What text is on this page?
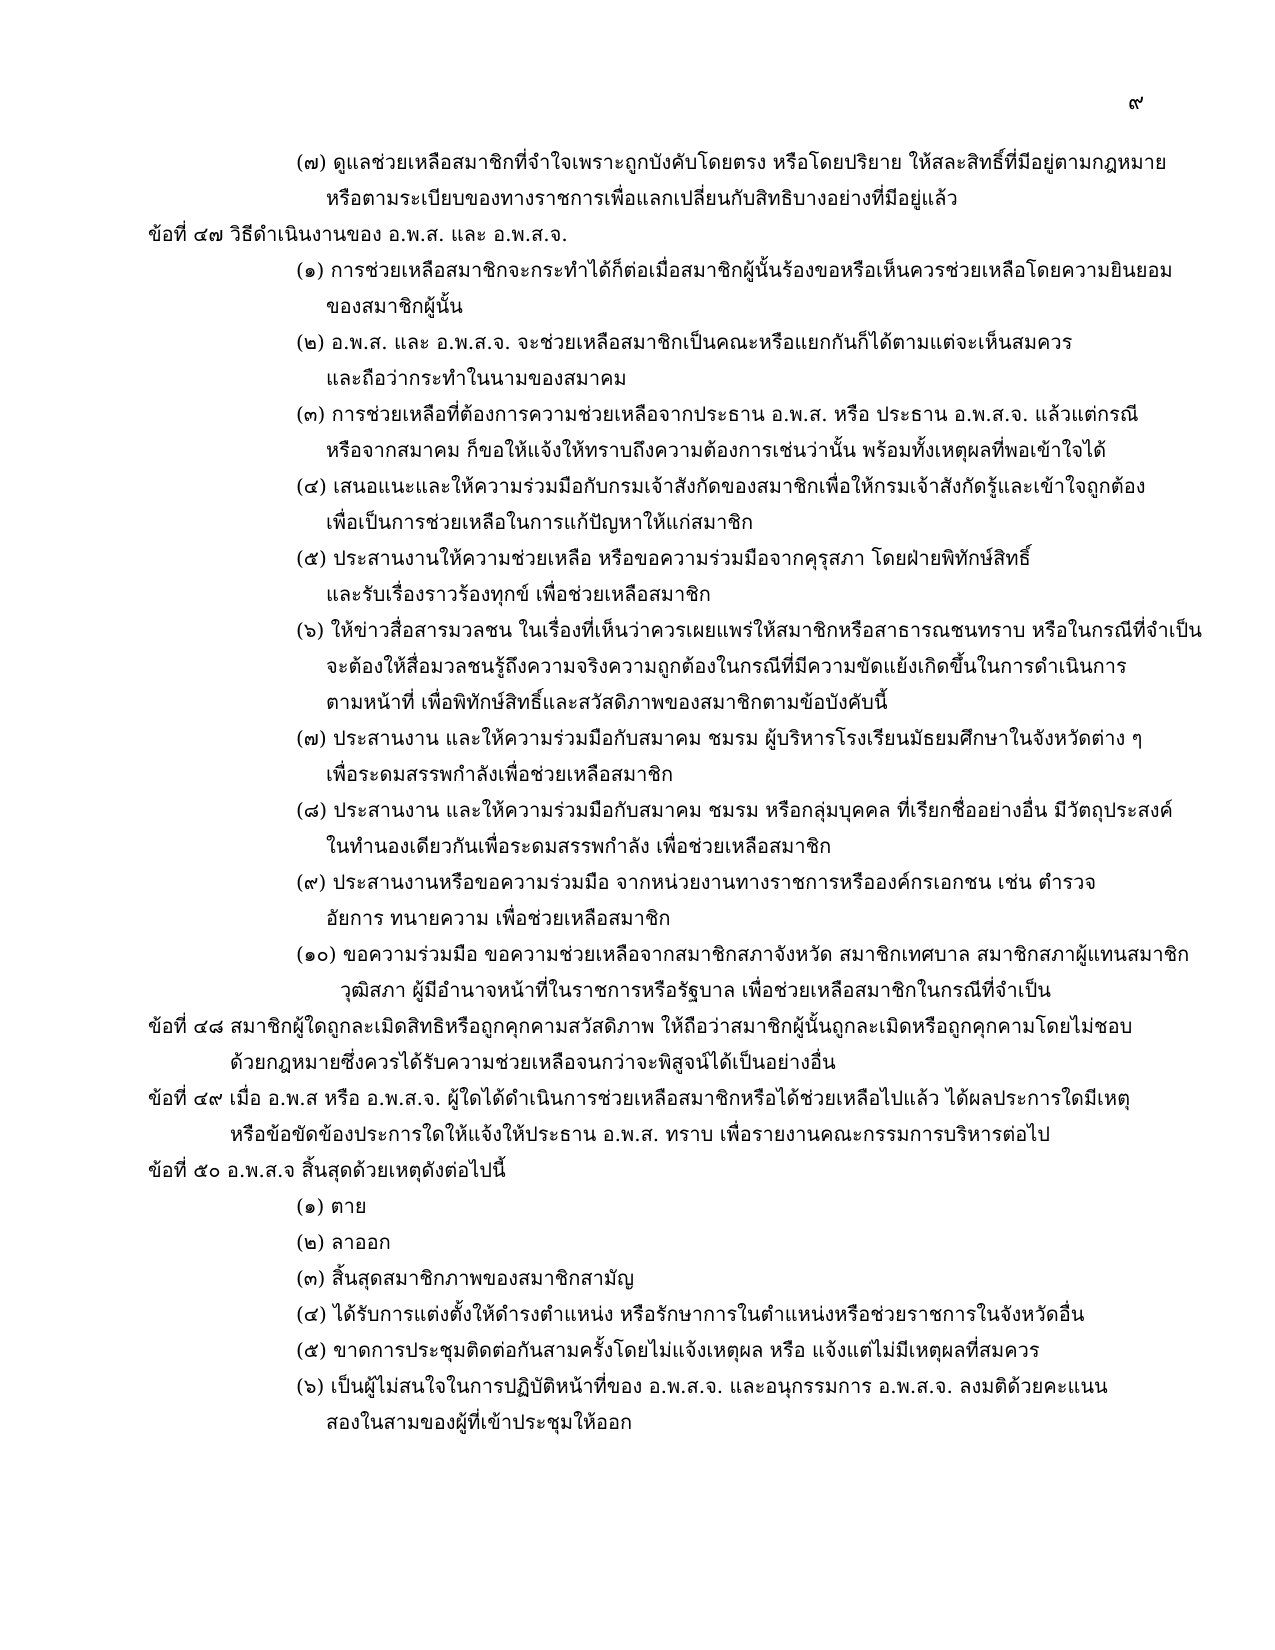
๙
(๗) ดูแลช่วยเหลือสมาชิกที่จำใจเพราะถูกบังคับโดยตรง หรือโดยปริยาย ให้สละสิทธิ์ที่มีอยู่ตามกฎหมาย
หรือตามระเบียบของทางราชการเพื่อแลกเปลี่ยนกับสิทธิบางอย่างที่มีอยู่แล้ว
ข้อที่ ๔๗ วิธีดำเนินงานของ อ.พ.ส. และ อ.พ.ส.จ.
(๑) การช่วยเหลือสมาชิกจะกระทำได้ก็ต่อเมื่อสมาชิกผู้นั้นร้องขอหรือเห็นควรช่วยเหลือโดยความยินยอม
ของสมาชิกผู้นั้น
(๒) อ.พ.ส. และ อ.พ.ส.จ. จะช่วยเหลือสมาชิกเป็นคณะหรือแยกกันก็ได้ตามแต่จะเห็นสมควร
และถือว่ากระทำในนามของสมาคม
(๓) การช่วยเหลือที่ต้องการความช่วยเหลือจากประธาน อ.พ.ส. หรือ ประธาน อ.พ.ส.จ. แล้วแต่กรณี
หรือจากสมาคม ก็ขอให้แจ้งให้ทราบถึงความต้องการเช่นว่านั้น พร้อมทั้งเหตุผลที่พอเข้าใจได้
(๔) เสนอแนะและให้ความร่วมมือกับกรมเจ้าสังกัดของสมาชิกเพื่อให้กรมเจ้าสังกัดรู้และเข้าใจถูกต้อง
เพื่อเป็นการช่วยเหลือในการแก้ปัญหาให้แก่สมาชิก
(๕) ประสานงานให้ความช่วยเหลือ หรือขอความร่วมมือจากคุรุสภา โดยฝ่ายพิทักษ์สิทธิ์
และรับเรื่องราวร้องทุกข์ เพื่อช่วยเหลือสมาชิก
(๖) ให้ข่าวสื่อสารมวลชน ในเรื่องที่เห็นว่าควรเผยแพร่ให้สมาชิกหรือสาธารณชนทราบ หรือในกรณีที่จำเป็น
จะต้องให้สื่อมวลชนรู้ถึงความจริงความถูกต้องในกรณีที่มีความขัดแย้งเกิดขึ้นในการดำเนินการ
ตามหน้าที่ เพื่อพิทักษ์สิทธิ์และสวัสดิภาพของสมาชิกตามข้อบังคับนี้
(๗) ประสานงาน และให้ความร่วมมือกับสมาคม ชมรม ผู้บริหารโรงเรียนมัธยมศึกษาในจังหวัดต่าง ๆ
เพื่อระดมสรรพกำลังเพื่อช่วยเหลือสมาชิก
(๘) ประสานงาน และให้ความร่วมมือกับสมาคม ชมรม หรือกลุ่มบุคคล ที่เรียกชื่ออย่างอื่น มีวัตถุประสงค์
ในทำนองเดียวกันเพื่อระดมสรรพกำลัง เพื่อช่วยเหลือสมาชิก
(๙) ประสานงานหรือขอความร่วมมือ จากหน่วยงานทางราชการหรือองค์กรเอกชน เช่น ตำรวจ
อัยการ ทนายความ เพื่อช่วยเหลือสมาชิก
(๑๐) ขอความร่วมมือ ขอความช่วยเหลือจากสมาชิกสภาจังหวัด สมาชิกเทศบาล สมาชิกสภาผู้แทนสมาชิก
วุฒิสภา ผู้มีอำนาจหน้าที่ในราชการหรือรัฐบาล เพื่อช่วยเหลือสมาชิกในกรณีที่จำเป็น
ข้อที่ ๔๘ สมาชิกผู้ใดถูกละเมิดสิทธิหรือถูกคุกคามสวัสดิภาพ ให้ถือว่าสมาชิกผู้นั้นถูกละเมิดหรือถูกคุกคามโดยไม่ชอบ
ด้วยกฎหมายซึ่งควรได้รับความช่วยเหลือจนกว่าจะพิสูจน์ได้เป็นอย่างอื่น
ข้อที่ ๔๙ เมื่อ อ.พ.ส หรือ อ.พ.ส.จ. ผู้ใดได้ดำเนินการช่วยเหลือสมาชิกหรือได้ช่วยเหลือไปแล้ว ได้ผลประการใดมีเหตุ
หรือข้อขัดข้องประการใดให้แจ้งให้ประธาน อ.พ.ส. ทราบ เพื่อรายงานคณะกรรมการบริหารต่อไป
ข้อที่ ๕๐ อ.พ.ส.จ สิ้นสุดด้วยเหตุดังต่อไปนี้
(๑) ตาย
(๒) ลาออก
(๓) สิ้นสุดสมาชิกภาพของสมาชิกสามัญ
(๔) ได้รับการแต่งตั้งให้ดำรงตำแหน่ง หรือรักษาการในตำแหน่งหรือช่วยราชการในจังหวัดอื่น
(๕) ขาดการประชุมติดต่อกันสามครั้งโดยไม่แจ้งเหตุผล หรือ แจ้งแต่ไม่มีเหตุผลที่สมควร
(๖) เป็นผู้ไม่สนใจในการปฏิบัติหน้าที่ของ อ.พ.ส.จ. และอนุกรรมการ อ.พ.ส.จ. ลงมติด้วยคะแนน
สองในสามของผู้ที่เข้าประชุมให้ออก
